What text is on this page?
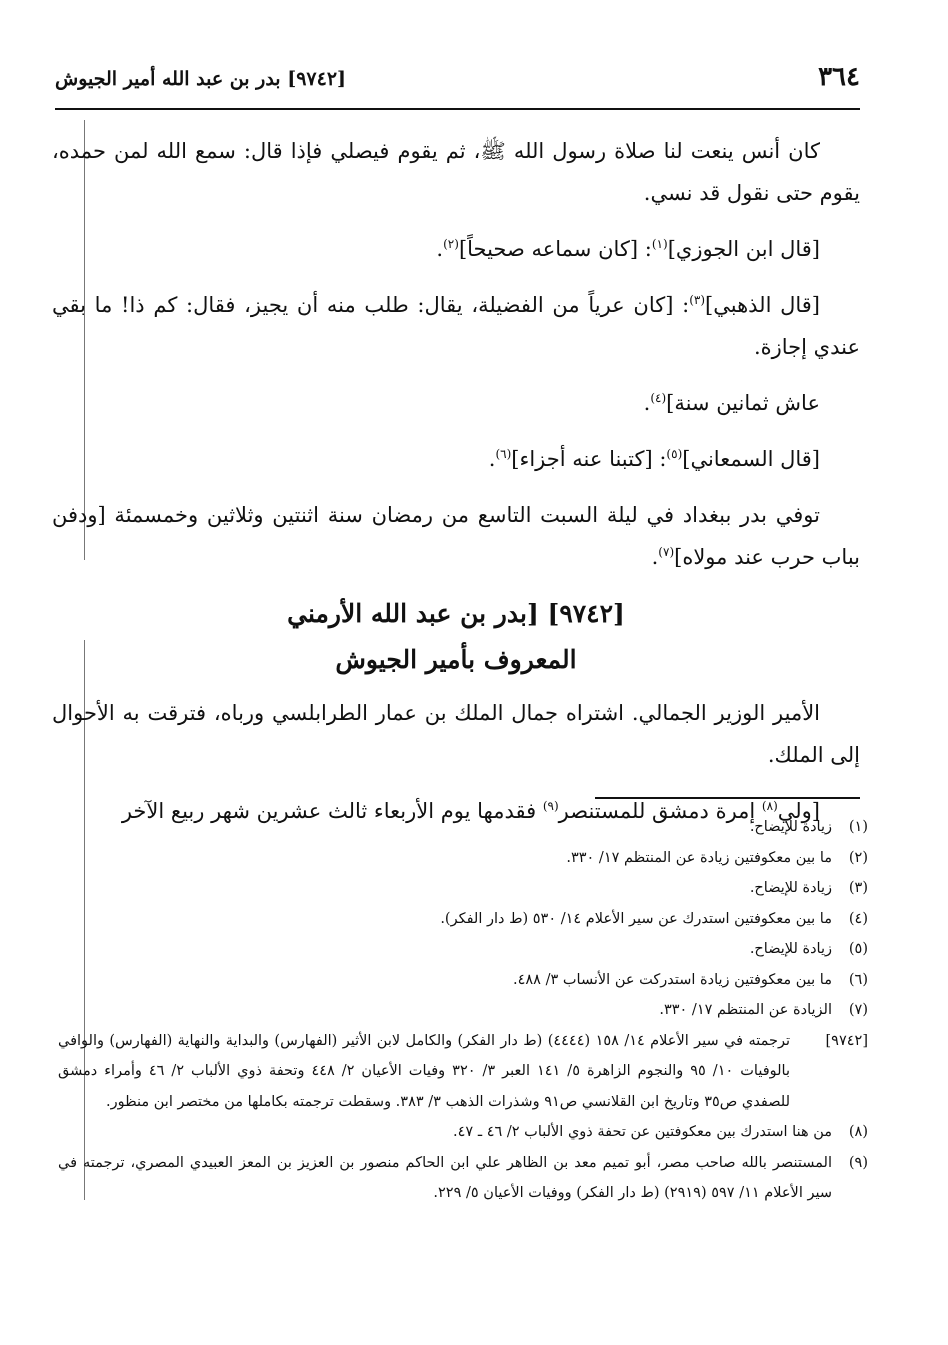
٣٦٤
[٩٧٤٢] بدر بن عبد الله أمير الجيوش

كان أنس ينعت لنا صلاة رسول الله ﷺ، ثم يقوم فيصلي فإذا قال: سمع الله لمن حمده، يقوم حتى نقول قد نسي.

[قال ابن الجوزي]$^{(١)}$: [كان سماعه صحيحاً]$^{(٢)}$.

[قال الذهبي]$^{(٣)}$: [كان عرياً من الفضيلة، يقال: طلب منه أن يجيز، فقال: كم ذا! ما بقي عندي إجازة.

عاش ثمانين سنة]$^{(٤)}$.

[قال السمعاني]$^{(٥)}$: [كتبنا عنه أجزاء]$^{(٦)}$.

توفي بدر ببغداد في ليلة السبت التاسع من رمضان سنة اثنتين وثلاثين وخمسمئة [ودفن بباب حرب عند مولاه]$^{(٧)}$.

[٩٧٤٢] [بدر بن عبد الله الأرمني
المعروف بأمير الجيوش

الأمير الوزير الجمالي. اشتراه جمال الملك بن عمار الطرابلسي ورباه، فترقت به الأحوال إلى الملك.

[ولي$^{(٨)}$ إمرة دمشق للمستنصر$^{(٩)}$ فقدمها يوم الأربعاء ثالث عشرين شهر ربيع الآخر

(١)
زيادة للإيضاح.
(٢)
ما بين معكوفتين زيادة عن المنتظم ١٧/ ٣٣٠.
(٣)
زيادة للإيضاح.
(٤)
ما بين معكوفتين استدرك عن سير الأعلام ١٤/ ٥٣٠ (ط دار الفكر).
(٥)
زيادة للإيضاح.
(٦)
ما بين معكوفتين زيادة استدركت عن الأنساب ٣/ ٤٨٨.
(٧)
الزيادة عن المنتظم ١٧/ ٣٣٠.
[٩٧٤٢]
ترجمته في سير الأعلام ١٤/ ١٥٨ (٤٤٤٤) (ط دار الفكر) والكامل لابن الأثير (الفهارس) والبداية والنهاية (الفهارس) والوافي بالوفيات ١٠/ ٩٥ والنجوم الزاهرة ٥/ ١٤١ العبر ٣/ ٣٢٠ وفيات الأعيان ٢/ ٤٤٨ وتحفة ذوي الألباب ٢/ ٤٦ وأمراء دمشق للصفدي ص٣٥ وتاريخ ابن القلانسي ص٩١ وشذرات الذهب ٣/ ٣٨٣. وسقطت ترجمته بكاملها من مختصر ابن منظور.
(٨)
من هنا استدرك بين معكوفتين عن تحفة ذوي الألباب ٢/ ٤٦ ـ ٤٧.
(٩)
المستنصر بالله صاحب مصر، أبو تميم معد بن الظاهر علي ابن الحاكم منصور بن العزيز بن المعز العبيدي المصري، ترجمته في سير الأعلام ١١/ ٥٩٧ (٢٩١٩) (ط دار الفكر) ووفيات الأعيان ٥/ ٢٢٩.
